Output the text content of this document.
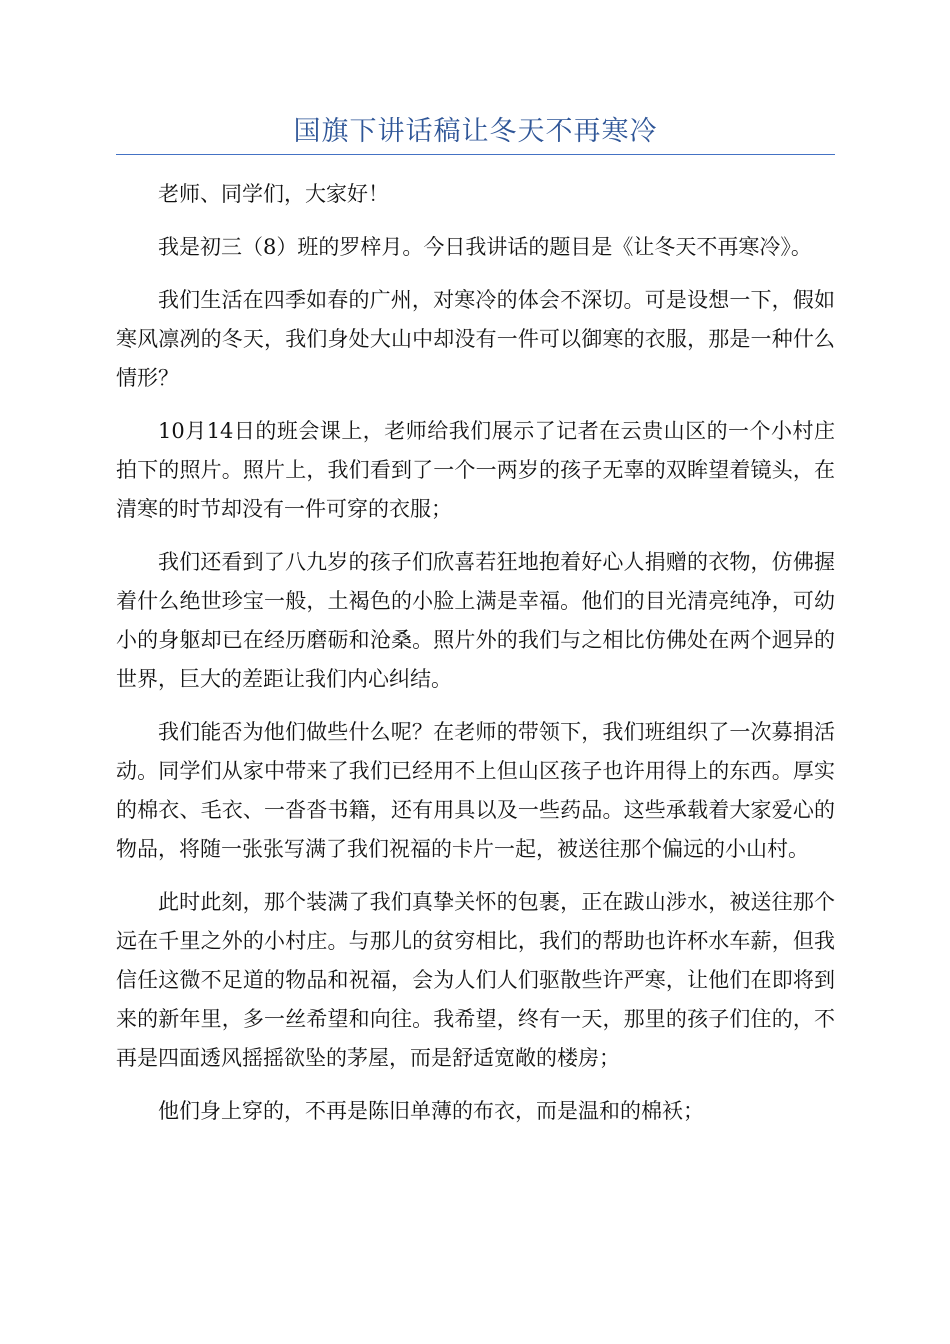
国旗下讲话稿让冬天不再寒冷

老师、同学们，大家好！

我是初三（8）班的罗梓月。今日我讲话的题目是《让冬天不再寒冷》。

我们生活在四季如春的广州，对寒冷的体会不深切。可是设想一下，假如寒风凛冽的冬天，我们身处大山中却没有一件可以御寒的衣服，那是一种什么情形？

10月14日的班会课上，老师给我们展示了记者在云贵山区的一个小村庄拍下的照片。照片上，我们看到了一个一两岁的孩子无辜的双眸望着镜头，在清寒的时节却没有一件可穿的衣服；

我们还看到了八九岁的孩子们欣喜若狂地抱着好心人捐赠的衣物，仿佛握着什么绝世珍宝一般，土褐色的小脸上满是幸福。他们的目光清亮纯净，可幼小的身躯却已在经历磨砺和沧桑。照片外的我们与之相比仿佛处在两个迥异的世界，巨大的差距让我们内心纠结。

我们能否为他们做些什么呢？在老师的带领下，我们班组织了一次募捐活动。同学们从家中带来了我们已经用不上但山区孩子也许用得上的东西。厚实的棉衣、毛衣、一沓沓书籍，还有用具以及一些药品。这些承载着大家爱心的物品，将随一张张写满了我们祝福的卡片一起，被送往那个偏远的小山村。

此时此刻，那个装满了我们真挚关怀的包裹，正在跋山涉水，被送往那个远在千里之外的小村庄。与那儿的贫穷相比，我们的帮助也许杯水车薪，但我信任这微不足道的物品和祝福，会为人们人们驱散些许严寒，让他们在即将到来的新年里，多一丝希望和向往。我希望，终有一天，那里的孩子们住的，不再是四面透风摇摇欲坠的茅屋，而是舒适宽敞的楼房；

他们身上穿的，不再是陈旧单薄的布衣，而是温和的棉袄；
